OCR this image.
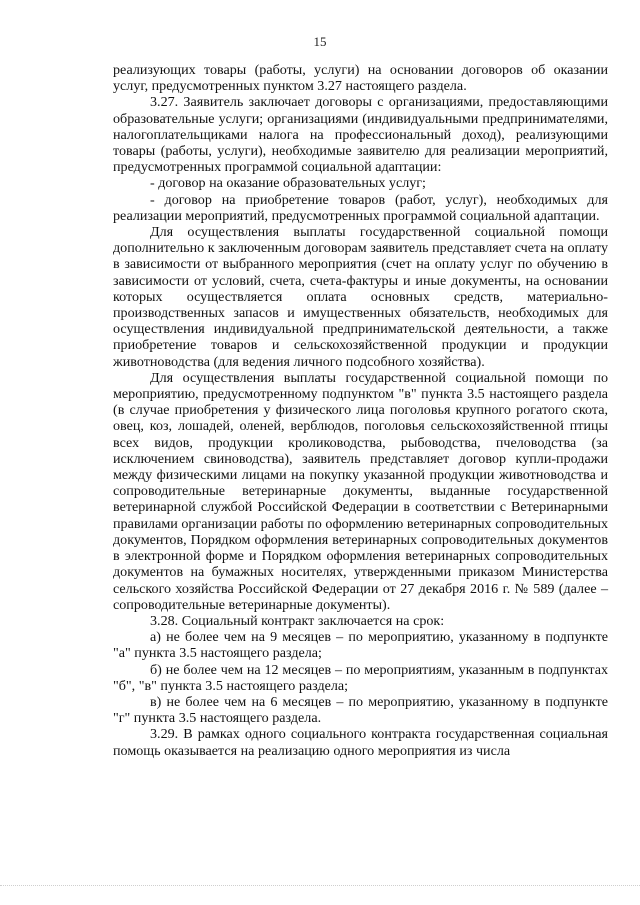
15

реализующих товары (работы, услуги) на основании договоров об оказании услуг, предусмотренных пунктом 3.27 настоящего раздела.

3.27. Заявитель заключает договоры с организациями, предоставляющими образовательные услуги; организациями (индивидуальными предпринимателями, налогоплательщиками налога на профессиональный доход), реализующими товары (работы, услуги), необходимые заявителю для реализации мероприятий, предусмотренных программой социальной адаптации:

- договор на оказание образовательных услуг;

- договор на приобретение товаров (работ, услуг), необходимых для реализации мероприятий, предусмотренных программой социальной адаптации.

Для осуществления выплаты государственной социальной помощи дополнительно к заключенным договорам заявитель представляет счета на оплату в зависимости от выбранного мероприятия (счет на оплату услуг по обучению в зависимости от условий, счета, счета-фактуры и иные документы, на основании которых осуществляется оплата основных средств, материально-производственных запасов и имущественных обязательств, необходимых для осуществления индивидуальной предпринимательской деятельности, а также приобретение товаров и сельскохозяйственной продукции и продукции животноводства (для ведения личного подсобного хозяйства).

Для осуществления выплаты государственной социальной помощи по мероприятию, предусмотренному подпунктом "в" пункта 3.5 настоящего раздела (в случае приобретения у физического лица поголовья крупного рогатого скота, овец, коз, лошадей, оленей, верблюдов, поголовья сельскохозяйственной птицы всех видов, продукции кролиководства, рыбоводства, пчеловодства (за исключением свиноводства), заявитель представляет договор купли-продажи между физическими лицами на покупку указанной продукции животноводства и сопроводительные ветеринарные документы, выданные государственной ветеринарной службой Российской Федерации в соответствии с Ветеринарными правилами организации работы по оформлению ветеринарных сопроводительных документов, Порядком оформления ветеринарных сопроводительных документов в электронной форме и Порядком оформления ветеринарных сопроводительных документов на бумажных носителях, утвержденными приказом Министерства сельского хозяйства Российской Федерации от 27 декабря 2016 г. № 589 (далее – сопроводительные ветеринарные документы).

3.28. Социальный контракт заключается на срок:

а) не более чем на 9 месяцев – по мероприятию, указанному в подпункте "а" пункта 3.5 настоящего раздела;

б) не более чем на 12 месяцев – по мероприятиям, указанным в подпунктах "б", "в" пункта 3.5 настоящего раздела;

в) не более чем на 6 месяцев – по мероприятию, указанному в подпункте "г" пункта 3.5 настоящего раздела.

3.29. В рамках одного социального контракта государственная социальная помощь оказывается на реализацию одного мероприятия из числа
